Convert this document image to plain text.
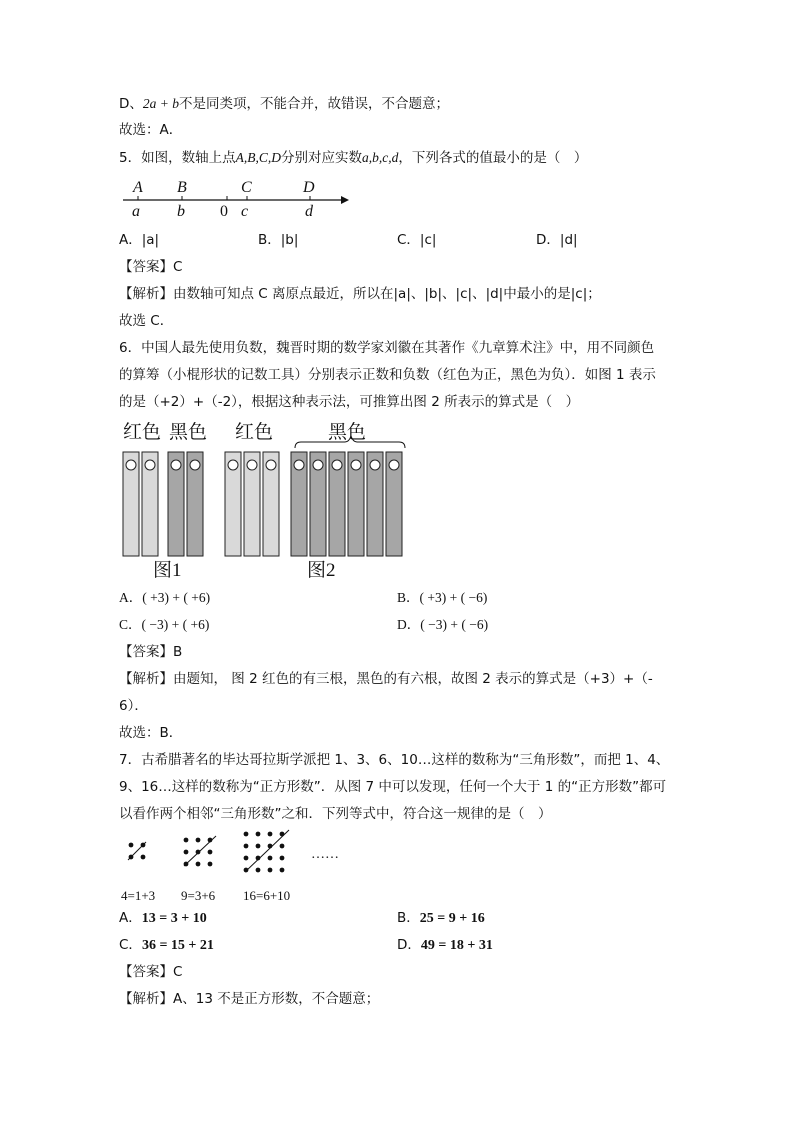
D、2a + b不是同类项，不能合并，故错误，不合题意；
故选：A．
5．如图，数轴上点A,B,C,D分别对应实数a,b,c,d，下列各式的值最小的是（　）
A B	C	D
a b 0 c	d
A．|a|	B．|b|	C．|c|	D．|d|
【答案】C
【解析】由数轴可知点 C 离原点最近，所以在|a|、|b|、|c|、|d|中最小的是|c|；
故选 C．
6．中国人最先使用负数，魏晋时期的数学家刘徽在其著作《九章算术注》中，用不同颜色
的算筹（小棍形状的记数工具）分别表示正数和负数（红色为正，黑色为负）．如图 1 表示
的是（+2）+（-2），根据这种表示法，可推算出图 2 所表示的算式是（　）
红色 黑色 红色	黑色
图1	图2
A．( +3) + ( +6)	B．( +3) + ( −6)
C．( −3) + ( +6)	D．( −3) + ( −6)
【答案】B
【解析】由题知， 图 2 红色的有三根，黑色的有六根，故图 2 表示的算式是（+3）+（-
6）．
故选：B．
7．古希腊著名的毕达哥拉斯学派把 1、3、6、10…这样的数称为“三角形数”，而把 1、4、
9、16…这样的数称为“正方形数”．从图 7 中可以发现，任何一个大于 1 的“正方形数”都可
以看作两个相邻“三角形数”之和．下列等式中，符合这一规律的是（　）
……
4=1+3 9=3+6 16=6+10
A．13 = 3 + 10	B．25 = 9 + 16
C．36 = 15 + 21	D．49 = 18 + 31
【答案】C
【解析】A、13 不是正方形数，不合题意；
